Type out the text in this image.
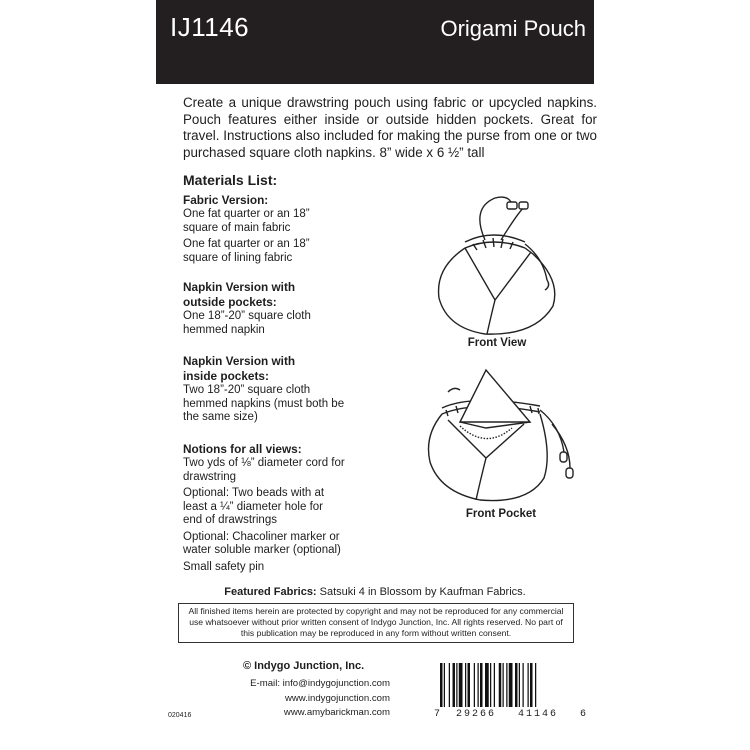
IJ1146	Origami Pouch
Create a unique drawstring pouch using fabric or upcycled napkins. Pouch features either inside or outside hidden pockets. Great for travel. Instructions also included for making the purse from one or two purchased square cloth napkins. 8” wide x 6 ½” tall
Materials List:
Fabric Version:
One fat quarter or an 18” square of main fabric
One fat quarter or an 18” square of lining fabric
Napkin Version with outside pockets:
One 18”-20” square cloth hemmed napkin
Napkin Version with inside pockets:
Two 18”-20” square cloth hemmed napkins (must both be the same size)
Notions for all views:
Two yds of ⅛” diameter cord for drawstring
Optional: Two beads with at least a ¼” diameter hole for end of drawstrings
Optional: Chacoliner marker or water soluble marker (optional)
Small safety pin
Front View
Front Pocket
Featured Fabrics: Satsuki 4 in Blossom by Kaufman Fabrics.
All finished items herein are protected by copyright and may not be reproduced for any commercial use whatsoever without prior written consent of Indygo Junction, Inc. All rights reserved. No part of this publication may be reproduced in any form without written consent.
© Indygo Junction, Inc.
E-mail: info@indygojunction.com
www.indygojunction.com
www.amybarickman.com
020416	7 29266 41146 6
